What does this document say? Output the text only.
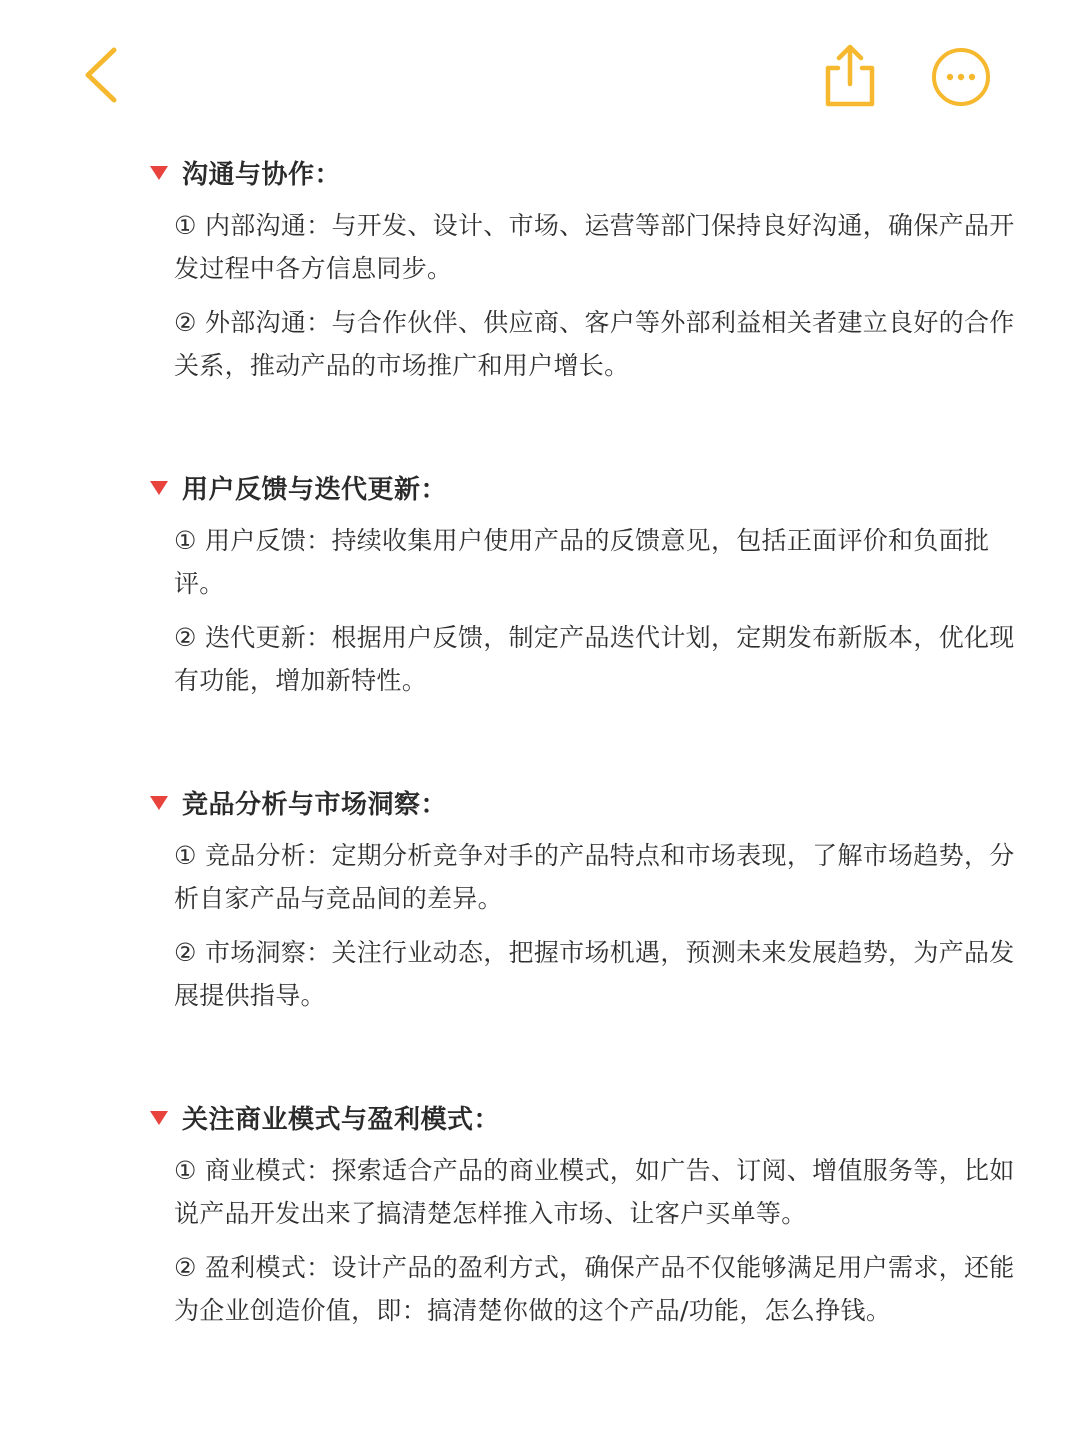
沟通与协作：
① 内部沟通：与开发、设计、市场、运营等部门保持良好沟通，确保产品开发过程中各方信息同步。
② 外部沟通：与合作伙伴、供应商、客户等外部利益相关者建立良好的合作关系，推动产品的市场推广和用户增长。
用户反馈与迭代更新：
① 用户反馈：持续收集用户使用产品的反馈意见，包括正面评价和负面批评。
② 迭代更新：根据用户反馈，制定产品迭代计划，定期发布新版本，优化现有功能，增加新特性。
竞品分析与市场洞察：
① 竞品分析：定期分析竞争对手的产品特点和市场表现，了解市场趋势，分析自家产品与竞品间的差异。
② 市场洞察：关注行业动态，把握市场机遇，预测未来发展趋势，为产品发展提供指导。
关注商业模式与盈利模式：
① 商业模式：探索适合产品的商业模式，如广告、订阅、增值服务等，比如说产品开发出来了搞清楚怎样推入市场、让客户买单等。
② 盈利模式：设计产品的盈利方式，确保产品不仅能够满足用户需求，还能为企业创造价值，即：搞清楚你做的这个产品/功能，怎么挣钱。
